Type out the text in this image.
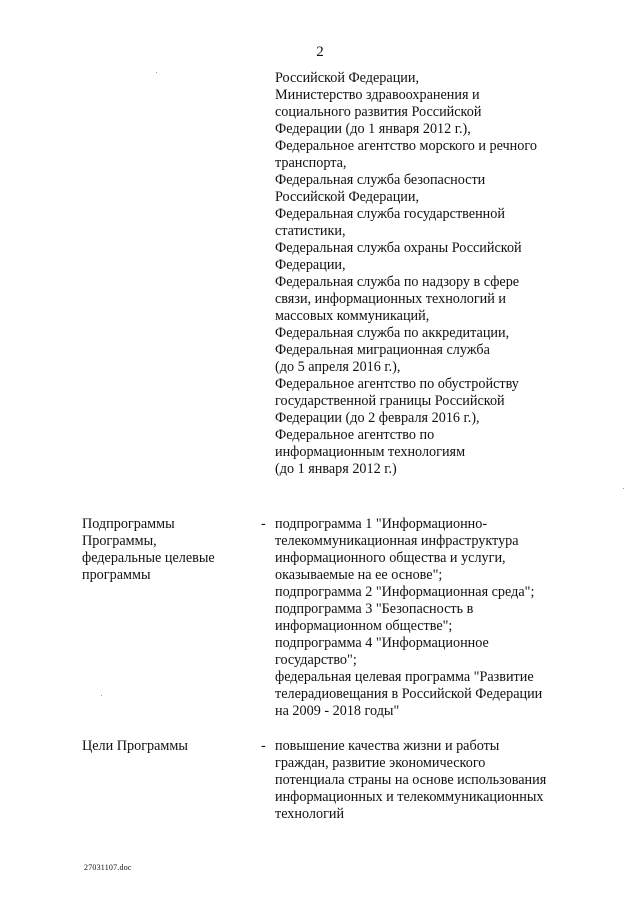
2
Российской Федерации,
Министерство здравоохранения и
социального развития Российской
Федерации (до 1 января 2012 г.),
Федеральное агентство морского и речного
транспорта,
Федеральная служба безопасности
Российской Федерации,
Федеральная служба государственной
статистики,
Федеральная служба охраны Российской
Федерации,
Федеральная служба по надзору в сфере
связи, информационных технологий и
массовых коммуникаций,
Федеральная служба по аккредитации,
Федеральная миграционная служба
(до 5 апреля 2016 г.),
Федеральное агентство по обустройству
государственной границы Российской
Федерации (до 2 февраля 2016 г.),
Федеральное агентство по
информационным технологиям
(до 1 января 2012 г.)
Подпрограммы
Программы,
федеральные целевые
программы
- подпрограмма 1 "Информационно-
телекоммуникационная инфраструктура
информационного общества и услуги,
оказываемые на ее основе";
подпрограмма 2 "Информационная среда";
подпрограмма 3 "Безопасность в
информационном обществе";
подпрограмма 4 "Информационное
государство";
федеральная целевая программа "Развитие
телерадиовещания в Российской Федерации
на 2009 - 2018 годы"
Цели Программы	- повышение качества жизни и работы
граждан, развитие экономического
потенциала страны на основе использования
информационных и телекоммуникационных
технологий
27031107.doc
